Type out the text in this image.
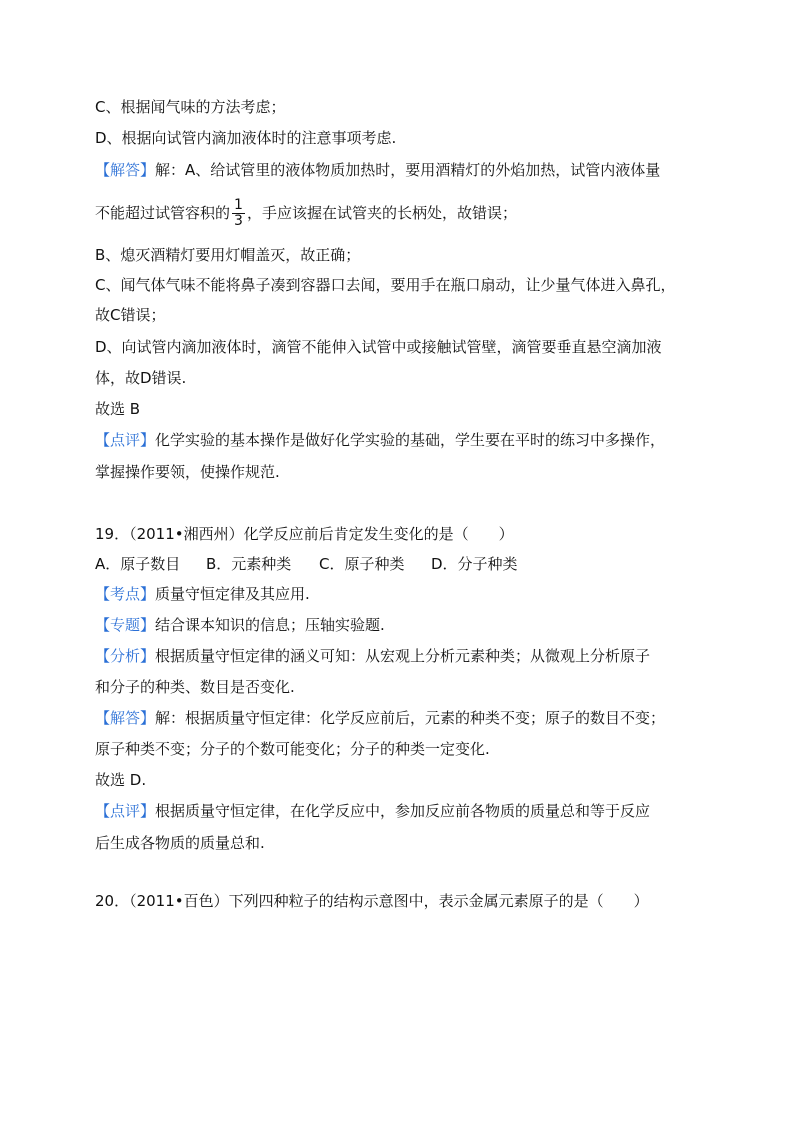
C、根据闻气味的方法考虑；
D、根据向试管内滴加液体时的注意事项考虑.
【解答】解：A、给试管里的液体物质加热时，要用酒精灯的外焰加热，试管内液体量
不能超过试管容积的 $\frac{1}{3}$ ，手应该握在试管夹的长柄处，故错误；
B、熄灭酒精灯要用灯帽盖灭，故正确；
C、闻气体气味不能将鼻子凑到容器口去闻，要用手在瓶口扇动，让少量气体进入鼻孔，
故C错误；
D、向试管内滴加液体时，滴管不能伸入试管中或接触试管壁，滴管要垂直悬空滴加液
体，故D错误.
故选 B
【点评】化学实验的基本操作是做好化学实验的基础，学生要在平时的练习中多操作，
掌握操作要领，使操作规范.
19．（2011•湘西州）化学反应前后肯定发生变化的是（　　）
A．原子数目 B．元素种类 C．原子种类 D．分子种类
【考点】质量守恒定律及其应用.
【专题】结合课本知识的信息；压轴实验题.
【分析】根据质量守恒定律的涵义可知：从宏观上分析元素种类；从微观上分析原子
和分子的种类、数目是否变化.
【解答】解：根据质量守恒定律：化学反应前后，元素的种类不变；原子的数目不变；
原子种类不变；分子的个数可能变化；分子的种类一定变化.
故选 D.
【点评】根据质量守恒定律，在化学反应中，参加反应前各物质的质量总和等于反应
后生成各物质的质量总和.
20．（2011•百色）下列四种粒子的结构示意图中，表示金属元素原子的是（　　）
